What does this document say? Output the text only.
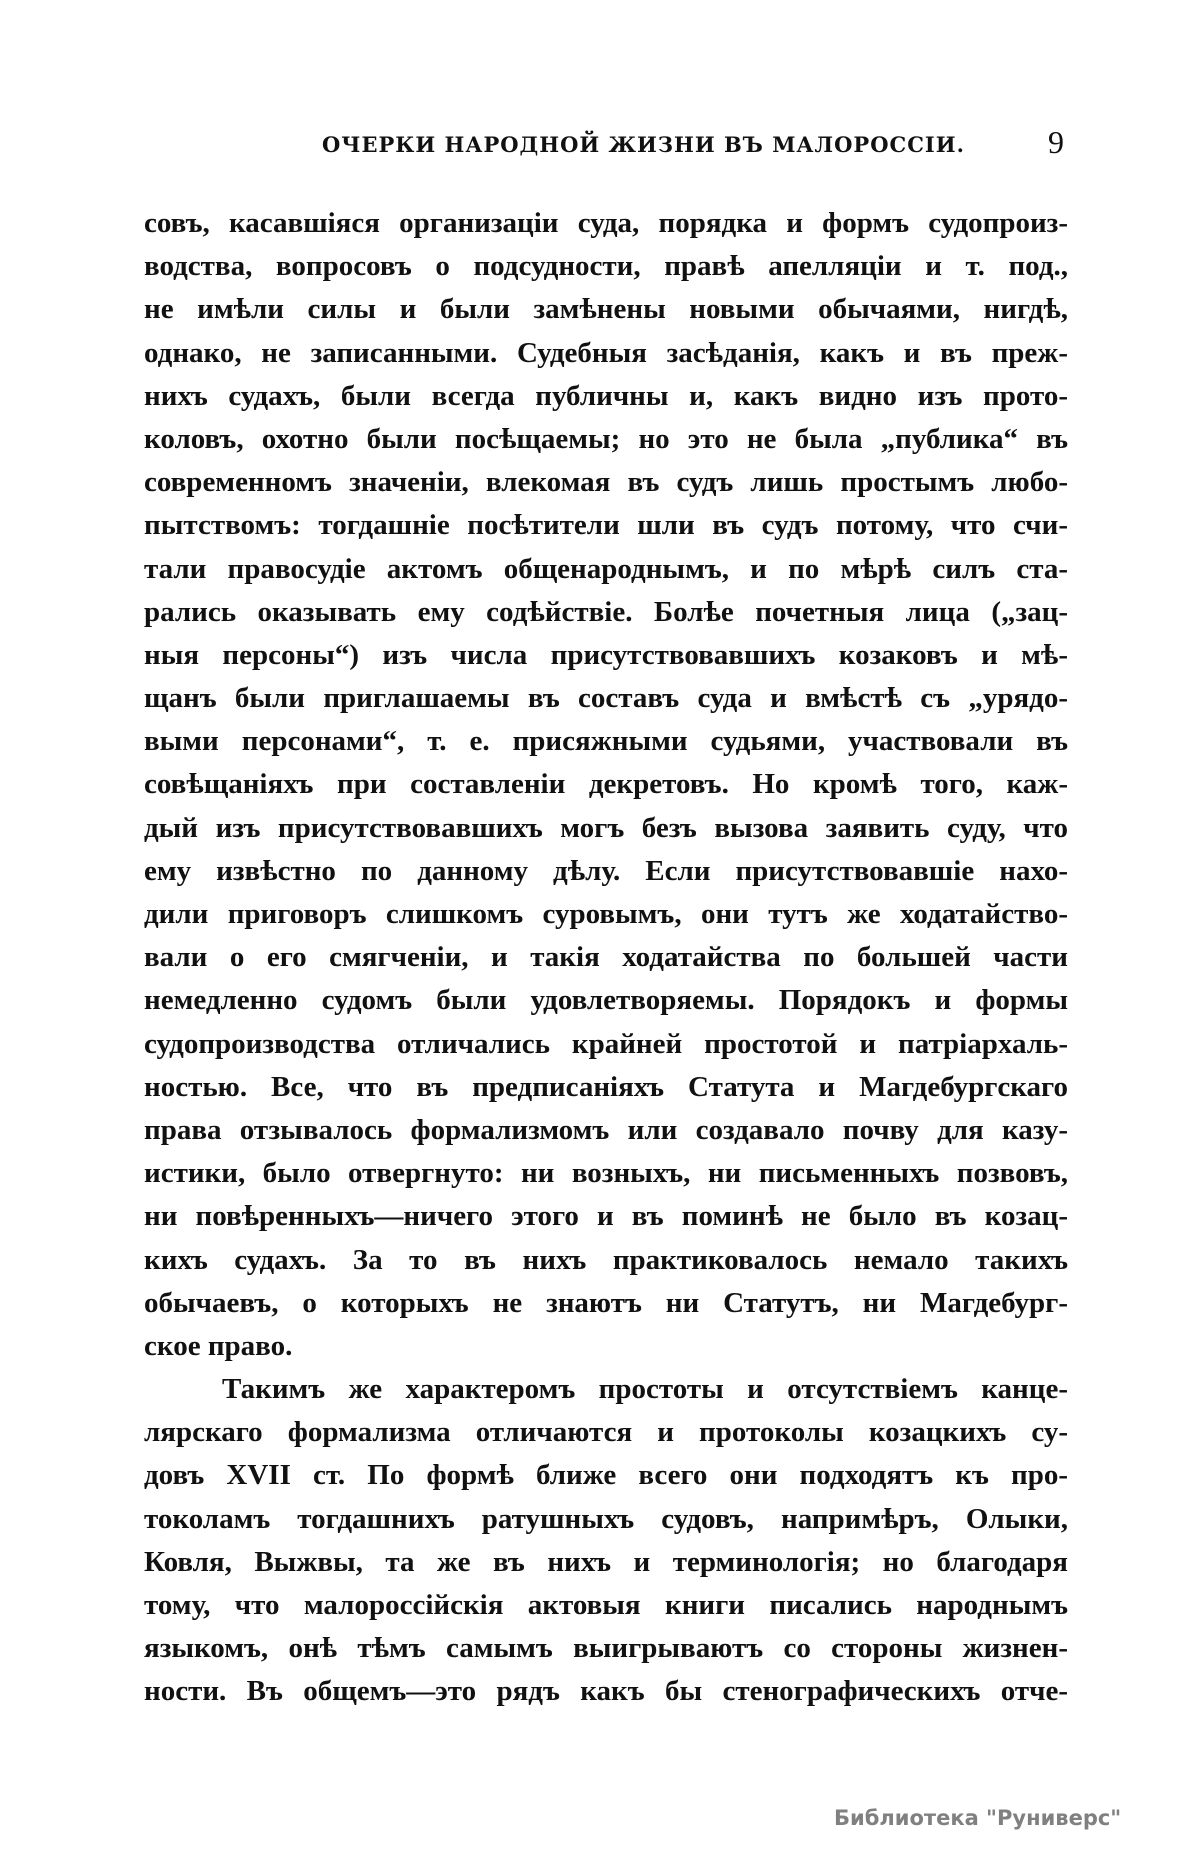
ОЧЕРКИ НАРОДНОЙ ЖИЗНИ ВЪ МАЛОРОССІИ.	9
совъ, касавшіяся организаціи суда, порядка и формъ судопроиз-
водства, вопросовъ о подсудности, правѣ апелляціи и т. под.,
не имѣли силы и были замѣнены новыми обычаями, нигдѣ,
однако, не записанными. Судебныя засѣданія, какъ и въ преж-
нихъ судахъ, были всегда публичны и, какъ видно изъ прото-
коловъ, охотно были посѣщаемы; но это не была „публика“ въ
современномъ значеніи, влекомая въ судъ лишь простымъ любо-
пытствомъ: тогдашніе посѣтители шли въ судъ потому, что счи-
тали правосудіе актомъ общенароднымъ, и по мѣрѣ силъ ста-
рались оказывать ему содѣйствіе. Болѣе почетныя лица („зац-
ныя персоны“) изъ числа присутствовавшихъ козаковъ и мѣ-
щанъ были приглашаемы въ составъ суда и вмѣстѣ съ „урядо-
выми персонами“, т. е. присяжными судьями, участвовали въ
совѣщаніяхъ при составленіи декретовъ. Но кромѣ того, каж-
дый изъ присутствовавшихъ могъ безъ вызова заявить суду, что
ему извѣстно по данному дѣлу. Если присутствовавшіе нахо-
дили приговоръ слишкомъ суровымъ, они тутъ же ходатайство-
вали о его смягченіи, и такія ходатайства по большей части
немедленно судомъ были удовлетворяемы. Порядокъ и формы
судопроизводства отличались крайней простотой и патріархаль-
ностью. Все, что въ предписаніяхъ Статута и Магдебургскаго
права отзывалось формализмомъ или создавало почву для казу-
истики, было отвергнуто: ни возныхъ, ни письменныхъ позвовъ,
ни повѣренныхъ—ничего этого и въ поминѣ не было въ козац-
кихъ судахъ. За то въ нихъ практиковалось немало такихъ
обычаевъ, о которыхъ не знаютъ ни Статутъ, ни Магдебург-
ское право.
Такимъ же характеромъ простоты и отсутствіемъ канце-
лярскаго формализма отличаются и протоколы козацкихъ су-
довъ XVII ст. По формѣ ближе всего они подходятъ къ про-
токоламъ тогдашнихъ ратушныхъ судовъ, напримѣръ, Олыки,
Ковля, Выжвы, та же въ нихъ и терминологія; но благодаря
тому, что малороссійскія актовыя книги писались народнымъ
языкомъ, онѣ тѣмъ самымъ выигрываютъ со стороны жизнен-
ности. Въ общемъ—это рядъ какъ бы стенографическихъ отче-
Библиотека "Руниверс"
